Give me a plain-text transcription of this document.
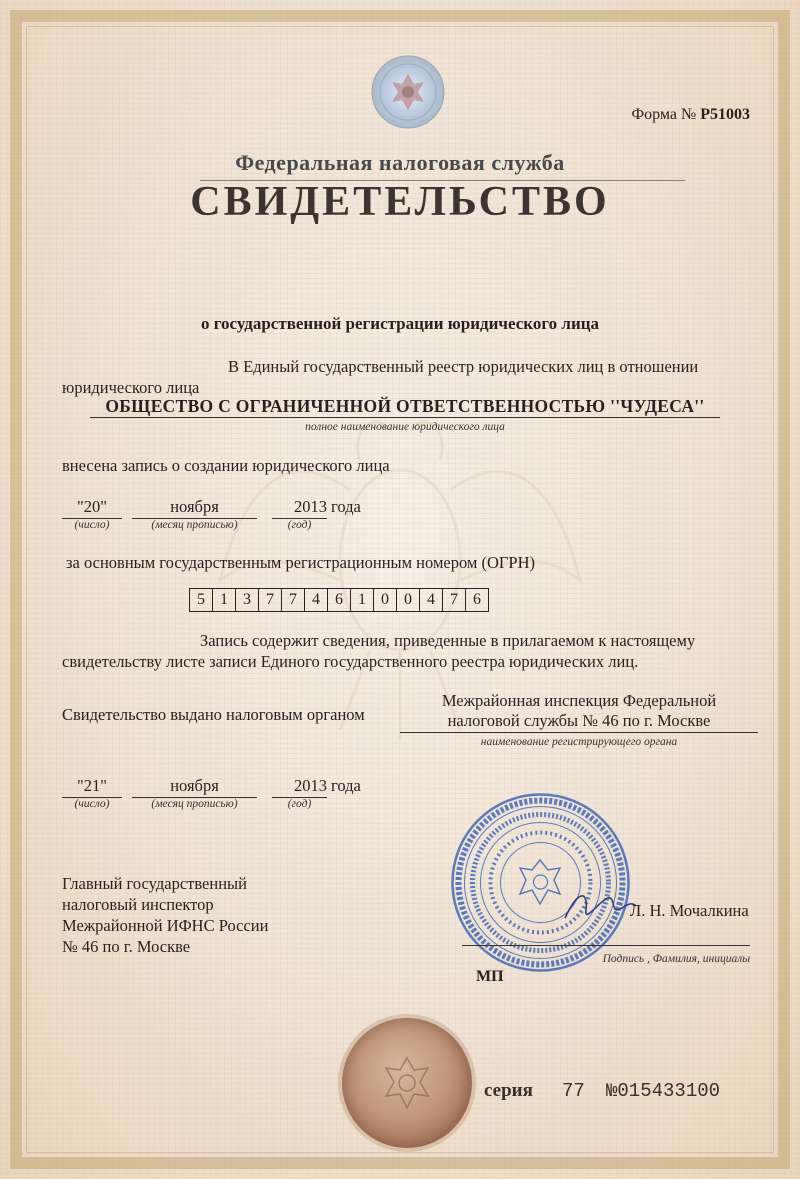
Форма № Р51003
Федеральная налоговая служба
СВИДЕТЕЛЬСТВО
о государственной регистрации юридического лица
В Единый государственный реестр юридических лиц в отношении
юридического лица
ОБЩЕСТВО С ОГРАНИЧЕННОЙ ОТВЕТСТВЕННОСТЬЮ ''ЧУДЕСА''
полное наименование юридического лица
внесена запись о создании юридического лица
"20"	ноября	2013 года
(число)	(месяц прописью)	(год)
за основным государственным регистрационным номером (ОГРН)
5 1 3 7 7 4 6 1 0 0 4 7 6
Запись содержит сведения, приведенные в прилагаемом к настоящему
свидетельству листе записи Единого государственного реестра юридических лиц.
Свидетельство выдано налоговым органом
Межрайонная инспекция Федеральной
налоговой службы № 46 по г. Москве
наименование регистрирующего органа
"21"	ноября	2013 года
(число)	(месяц прописью)	(год)
Главный государственный
налоговый инспектор
Межрайонной ИФНС России
№ 46 по г. Москве
Л. Н. Мочалкина
Подпись , Фамилия, инициалы
МП
серия 77 №015433100
